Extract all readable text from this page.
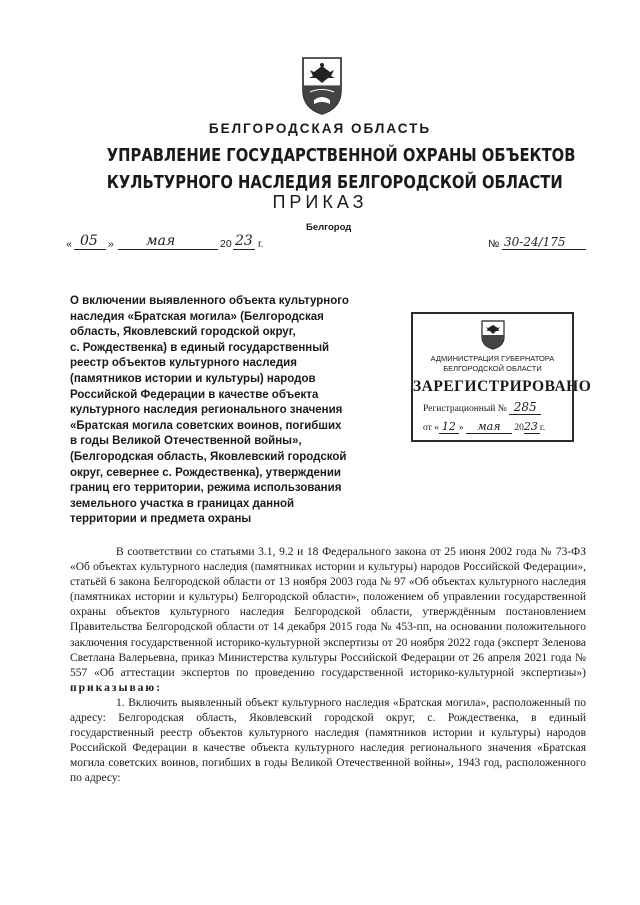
БЕЛГОРОДСКАЯ ОБЛАСТЬ
УПРАВЛЕНИЕ ГОСУДАРСТВЕННОЙ ОХРАНЫ ОБЪЕКТОВ
КУЛЬТУРНОГО НАСЛЕДИЯ БЕЛГОРОДСКОЙ ОБЛАСТИ
ПРИКАЗ
Белгород
« 05 » мая	20 23 г.	№ 30-24/175
О включении выявленного объекта культурного
наследия «Братская могила» (Белгородская
область, Яковлевский городской округ,
с. Рождественка) в единый государственный
реестр объектов культурного наследия
(памятников истории и культуры) народов
Российской Федерации в качестве объекта
культурного наследия регионального значения
«Братская могила советских воинов, погибших
в годы Великой Отечественной войны»,
(Белгородская область, Яковлевский городской
округ, севернее с. Рождественка), утверждении
границ его территории, режима использования
земельного участка в границах данной
территории и предмета охраны
АДМИНИСТРАЦИЯ ГУБЕРНАТОРА
БЕЛГОРОДСКОЙ ОБЛАСТИ
ЗАРЕГИСТРИРОВАНО
Регистрационный № 285
от « 12 » мая 2023 г.

В соответствии со статьями 3.1, 9.2 и 18 Федерального закона от 25 июня 2002 года № 73-ФЗ «Об объектах культурного наследия (памятниках истории и культуры) народов Российской Федерации», статьёй 6 закона Белгородской области от 13 ноября 2003 года № 97 «Об объектах культурного наследия (памятниках истории и культуры) Белгородской области», положением об управлении государственной охраны объектов культурного наследия Белгородской области, утверждённым постановлением Правительства Белгородской области от 14 декабря 2015 года № 453-пп, на основании положительного заключения государственной историко-культурной экспертизы от 20 ноября 2022 года (эксперт Зеленова Светлана Валерьевна, приказ Министерства культуры Российской Федерации от 26 апреля 2021 года № 557 «Об аттестации экспертов по проведению государственной историко-культурной экспертизы») приказываю:

1. Включить выявленный объект культурного наследия «Братская могила», расположенный по адресу: Белгородская область, Яковлевский городской округ, с. Рождественка, в единый государственный реестр объектов культурного наследия (памятников истории и культуры) народов Российской Федерации в качестве объекта культурного наследия регионального значения «Братская могила советских воинов, погибших в годы Великой Отечественной войны», 1943 год, расположенного по адресу:
